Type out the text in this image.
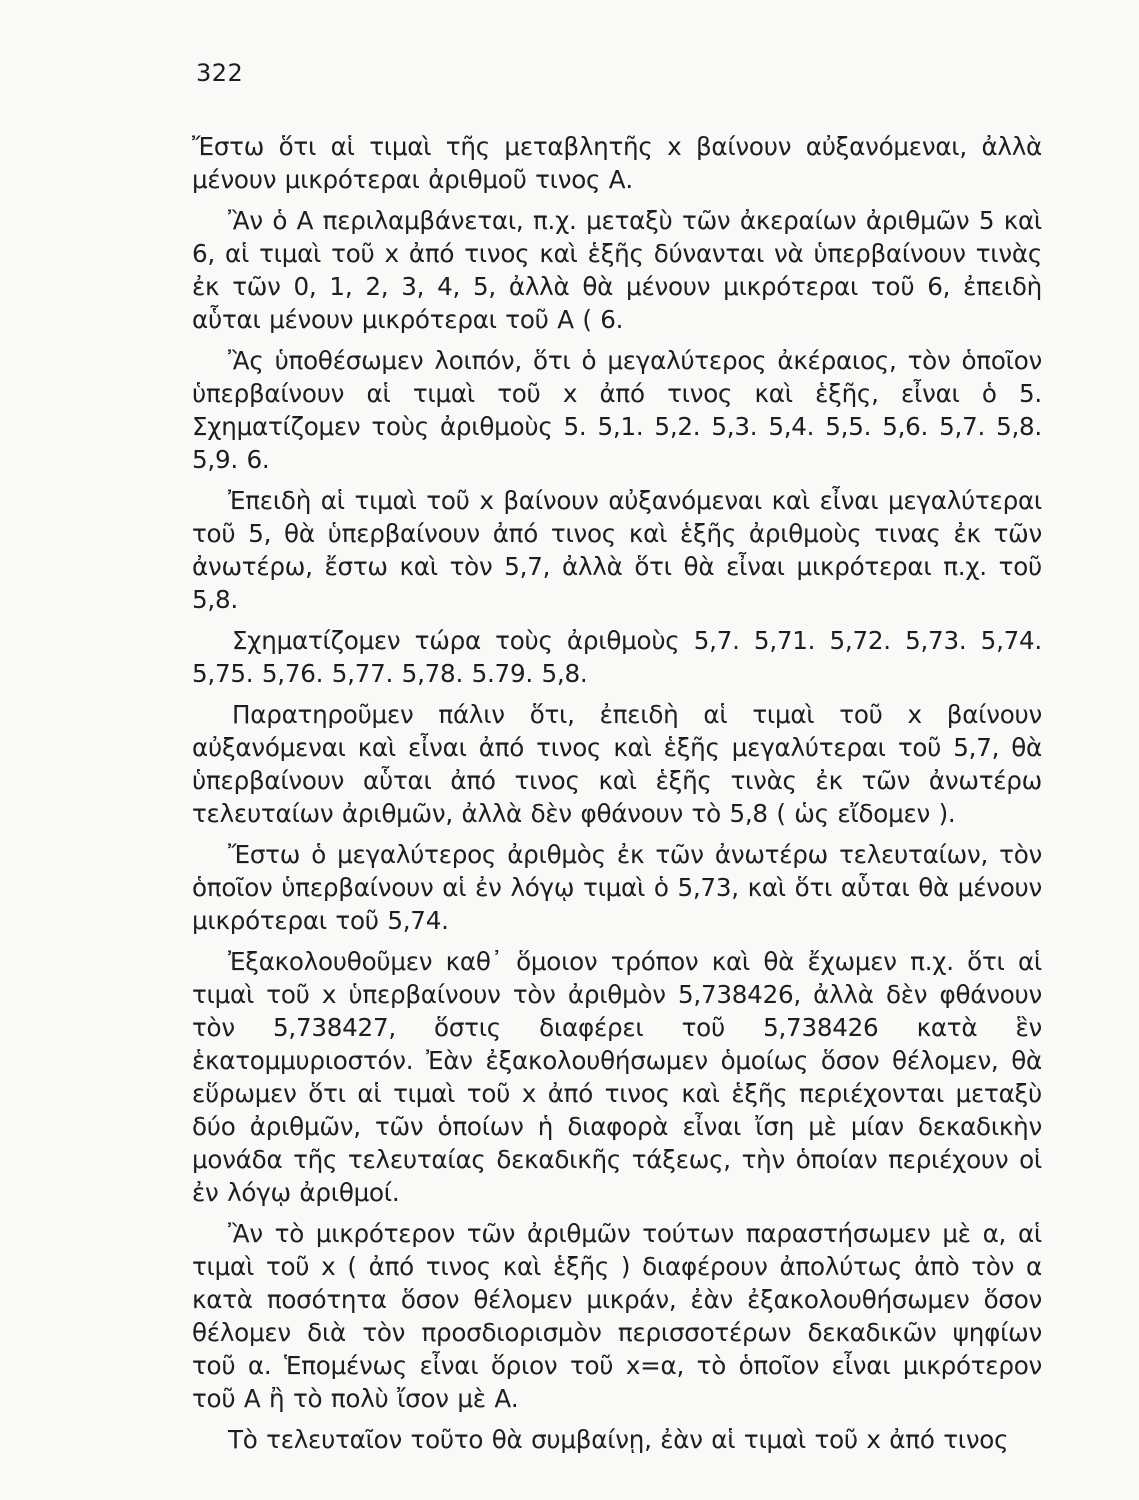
322

Ἔστω ὅτι αἱ τιμαὶ τῆς μεταβλητῆς x βαίνουν αὐξανόμεναι, ἀλλὰ μένουν μικρότεραι ἀριθμοῦ τινος Α.

Ἂν ὁ Α περιλαμβάνεται, π.χ. μεταξὺ τῶν ἀκεραίων ἀριθμῶν 5 καὶ 6, αἱ τιμαὶ τοῦ x ἀπό τινος καὶ ἑξῆς δύνανται νὰ ὑπερβαίνουν τινὰς ἐκ τῶν 0, 1, 2, 3, 4, 5, ἀλλὰ θὰ μένουν μικρότεραι τοῦ 6, ἐπειδὴ αὗται μένουν μικρότεραι τοῦ Α ( 6.

Ἂς ὑποθέσωμεν λοιπόν, ὅτι ὁ μεγαλύτερος ἀκέραιος, τὸν ὁποῖον ὑπερβαίνουν αἱ τιμαὶ τοῦ x ἀπό τινος καὶ ἑξῆς, εἶναι ὁ 5. Σχηματίζομεν τοὺς ἀριθμοὺς 5. 5,1. 5,2. 5,3. 5,4. 5,5. 5,6. 5,7. 5,8. 5,9. 6.

Ἐπειδὴ αἱ τιμαὶ τοῦ x βαίνουν αὐξανόμεναι καὶ εἶναι μεγαλύτεραι τοῦ 5, θὰ ὑπερβαίνουν ἀπό τινος καὶ ἑξῆς ἀριθμοὺς τινας ἐκ τῶν ἀνωτέρω, ἔστω καὶ τὸν 5,7, ἀλλὰ ὅτι θὰ εἶναι μικρότεραι π.χ. τοῦ 5,8.

Σχηματίζομεν τώρα τοὺς ἀριθμοὺς 5,7. 5,71. 5,72. 5,73. 5,74. 5,75. 5,76. 5,77. 5,78. 5.79. 5,8.

Παρατηροῦμεν πάλιν ὅτι, ἐπειδὴ αἱ τιμαὶ τοῦ x βαίνουν αὐξανόμεναι καὶ εἶναι ἀπό τινος καὶ ἑξῆς μεγαλύτεραι τοῦ 5,7, θὰ ὑπερβαίνουν αὗται ἀπό τινος καὶ ἑξῆς τινὰς ἐκ τῶν ἀνωτέρω τελευταίων ἀριθμῶν, ἀλλὰ δὲν φθάνουν τὸ 5,8 ( ὡς εἴδομεν ).

Ἔστω ὁ μεγαλύτερος ἀριθμὸς ἐκ τῶν ἀνωτέρω τελευταίων, τὸν ὁποῖον ὑπερβαίνουν αἱ ἐν λόγῳ τιμαὶ ὁ 5,73, καὶ ὅτι αὗται θὰ μένουν μικρότεραι τοῦ 5,74.

Ἐξακολουθοῦμεν καθ᾽ ὅμοιον τρόπον καὶ θὰ ἔχωμεν π.χ. ὅτι αἱ τιμαὶ τοῦ x ὑπερβαίνουν τὸν ἀριθμὸν 5,738426, ἀλλὰ δὲν φθάνουν τὸν 5,738427, ὅστις διαφέρει τοῦ 5,738426 κατὰ ἓν ἑκατομμυριοστόν. Ἐὰν ἐξακολουθήσωμεν ὁμοίως ὅσον θέλομεν, θὰ εὕρωμεν ὅτι αἱ τιμαὶ τοῦ x ἀπό τινος καὶ ἑξῆς περιέχονται μεταξὺ δύο ἀριθμῶν, τῶν ὁποίων ἡ διαφορὰ εἶναι ἴση μὲ μίαν δεκαδικὴν μονάδα τῆς τελευταίας δεκαδικῆς τάξεως, τὴν ὁποίαν περιέχουν οἱ ἐν λόγῳ ἀριθμοί.

Ἂν τὸ μικρότερον τῶν ἀριθμῶν τούτων παραστήσωμεν μὲ α, αἱ τιμαὶ τοῦ x ( ἀπό τινος καὶ ἑξῆς ) διαφέρουν ἀπολύτως ἀπὸ τὸν α κατὰ ποσότητα ὅσον θέλομεν μικράν, ἐὰν ἐξακολουθήσωμεν ὅσον θέλομεν διὰ τὸν προσδιορισμὸν περισσοτέρων δεκαδικῶν ψηφίων τοῦ α. Ἑπομένως εἶναι ὅριον τοῦ x=α, τὸ ὁποῖον εἶναι μικρότερον τοῦ Α ἢ τὸ πολὺ ἴσον μὲ Α.

Τὸ τελευταῖον τοῦτο θὰ συμβαίνῃ, ἐὰν αἱ τιμαὶ τοῦ x ἀπό τινος
